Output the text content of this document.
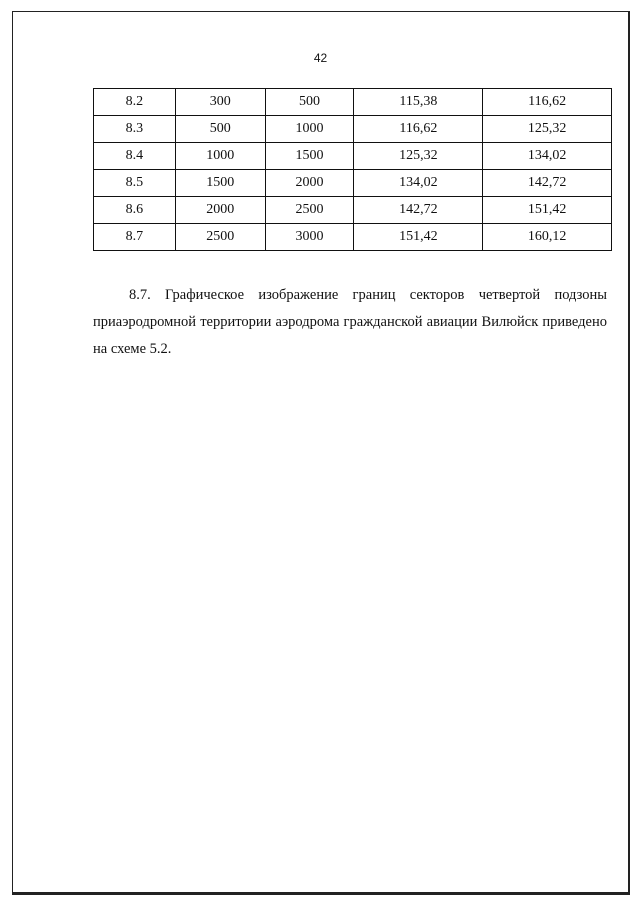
42
8.2	300	500	115,38	116,62
8.3	500	1000	116,62	125,32
8.4	1000	1500	125,32	134,02
8.5	1500	2000	134,02	142,72
8.6	2000	2500	142,72	151,42
8.7	2500	3000	151,42	160,12

8.7. Графическое изображение границ секторов четвертой подзоны
приаэродромной территории аэродрома гражданской авиации Вилюйск приведено
на схеме 5.2.
